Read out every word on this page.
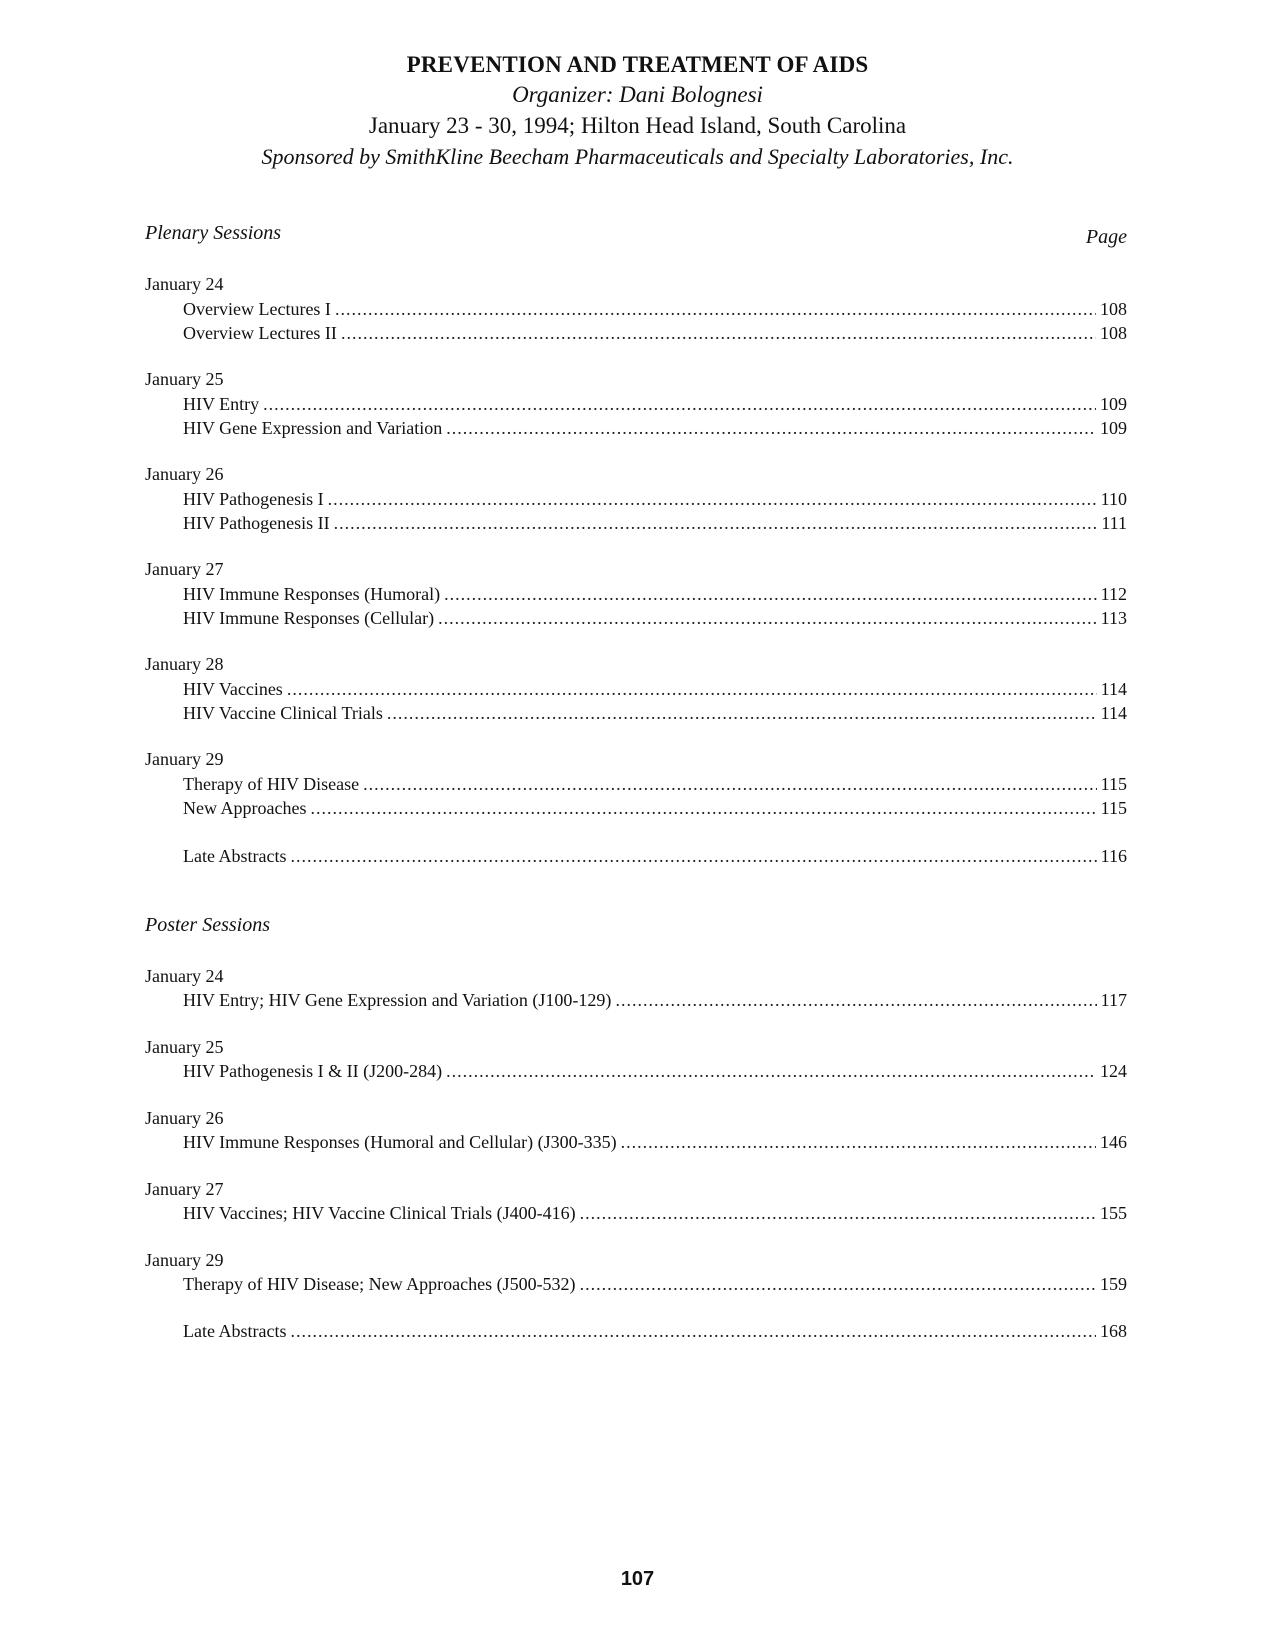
PREVENTION AND TREATMENT OF AIDS
Organizer: Dani Bolognesi
January 23 - 30, 1994; Hilton Head Island, South Carolina
Sponsored by SmithKline Beecham Pharmaceuticals and Specialty Laboratories, Inc.
Plenary Sessions	Page
January 24
Overview Lectures I .....	108
Overview Lectures II .....	108
January 25
HIV Entry .....	109
HIV Gene Expression and Variation .....	109
January 26
HIV Pathogenesis I .....	110
HIV Pathogenesis II .....	111
January 27
HIV Immune Responses (Humoral) .....	112
HIV Immune Responses (Cellular) .....	113
January 28
HIV Vaccines .....	114
HIV Vaccine Clinical Trials .....	114
January 29
Therapy of HIV Disease .....	115
New Approaches .....	115
Late Abstracts .....	116
Poster Sessions
January 24
HIV Entry; HIV Gene Expression and Variation (J100-129) .....	117
January 25
HIV Pathogenesis I & II (J200-284) .....	124
January 26
HIV Immune Responses (Humoral and Cellular) (J300-335) .....	146
January 27
HIV Vaccines; HIV Vaccine Clinical Trials (J400-416) .....	155
January 29
Therapy of HIV Disease; New Approaches (J500-532) .....	159
Late Abstracts .....	168
107
